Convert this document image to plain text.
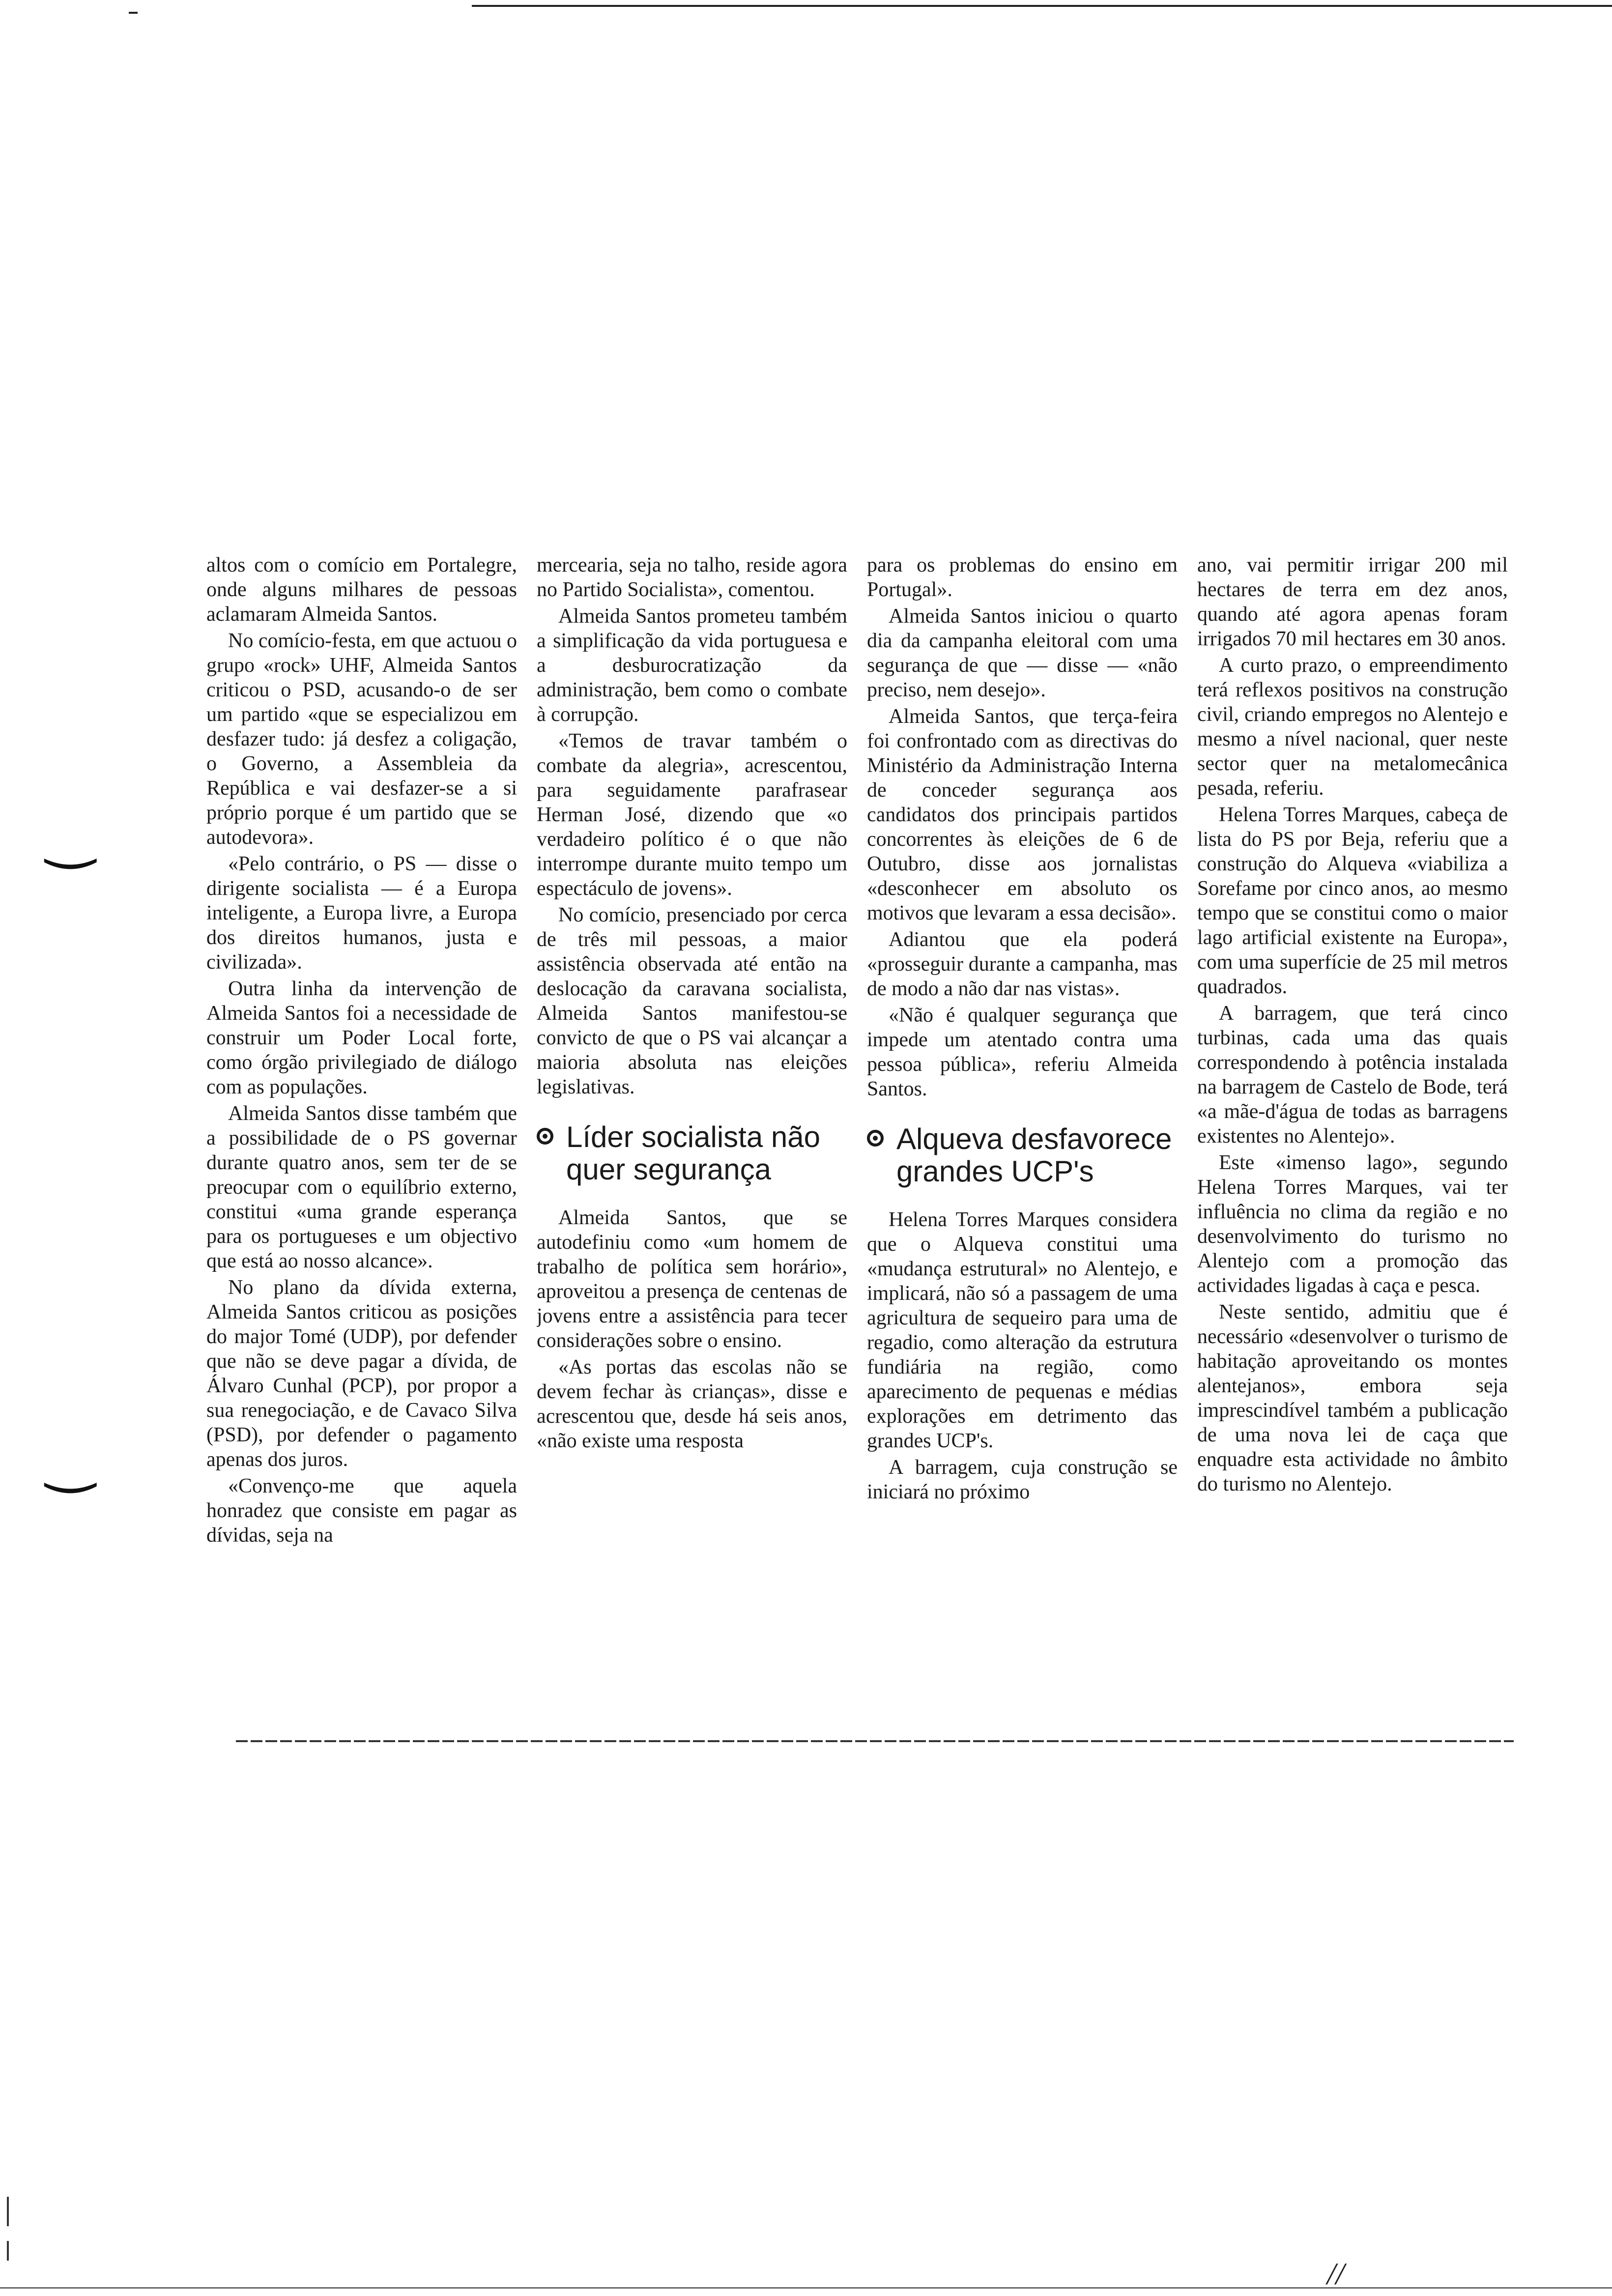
‿
‿
//

altos com o comício em Portalegre, onde alguns milhares de pessoas aclamaram Almeida Santos.

No comício-festa, em que actuou o grupo «rock» UHF, Almeida Santos criticou o PSD, acusando-o de ser um partido «que se especializou em desfazer tudo: já desfez a coligação, o Governo, a Assembleia da República e vai desfazer-se a si próprio porque é um partido que se autodevora».

«Pelo contrário, o PS — disse o dirigente socialista — é a Europa inteligente, a Europa livre, a Europa dos direitos humanos, justa e civilizada».

Outra linha da intervenção de Almeida Santos foi a necessidade de construir um Poder Local forte, como órgão privilegiado de diálogo com as populações.

Almeida Santos disse também que a possibilidade de o PS governar durante quatro anos, sem ter de se preocupar com o equilíbrio externo, constitui «uma grande esperança para os portugueses e um objectivo que está ao nosso alcance».

No plano da dívida externa, Almeida Santos criticou as posições do major Tomé (UDP), por defender que não se deve pagar a dívida, de Álvaro Cunhal (PCP), por propor a sua renegociação, e de Cavaco Silva (PSD), por defender o pagamento apenas dos juros.

«Convenço-me que aquela honradez que consiste em pagar as dívidas, seja na

mercearia, seja no talho, reside agora no Partido Socialista», comentou.

Almeida Santos prometeu também a simplificação da vida portuguesa e a desburocratização da administração, bem como o combate à corrupção.

«Temos de travar também o combate da alegria», acrescentou, para seguidamente parafrasear Herman José, dizendo que «o verdadeiro político é o que não interrompe durante muito tempo um espectáculo de jovens».

No comício, presenciado por cerca de três mil pessoas, a maior assistência observada até então na deslocação da caravana socialista, Almeida Santos manifestou-se convicto de que o PS vai alcançar a maioria absoluta nas eleições legislativas.

Líder socialista não quer segurança

Almeida Santos, que se autodefiniu como «um homem de trabalho de política sem horário», aproveitou a presença de centenas de jovens entre a assistência para tecer considerações sobre o ensino.

«As portas das escolas não se devem fechar às crianças», disse e acrescentou que, desde há seis anos, «não existe uma resposta

para os problemas do ensino em Portugal».

Almeida Santos iniciou o quarto dia da campanha eleitoral com uma segurança de que — disse — «não preciso, nem desejo».

Almeida Santos, que terça-feira foi confrontado com as directivas do Ministério da Administração Interna de conceder segurança aos candidatos dos principais partidos concorrentes às eleições de 6 de Outubro, disse aos jornalistas «desconhecer em absoluto os motivos que levaram a essa decisão».

Adiantou que ela poderá «prosseguir durante a campanha, mas de modo a não dar nas vistas».

«Não é qualquer segurança que impede um atentado contra uma pessoa pública», referiu Almeida Santos.

Alqueva desfavorece grandes UCP's

Helena Torres Marques considera que o Alqueva constitui uma «mudança estrutural» no Alentejo, e implicará, não só a passagem de uma agricultura de sequeiro para uma de regadio, como alteração da estrutura fundiária na região, como aparecimento de pequenas e médias explorações em detrimento das grandes UCP's.

A barragem, cuja construção se iniciará no próximo

ano, vai permitir irrigar 200 mil hectares de terra em dez anos, quando até agora apenas foram irrigados 70 mil hectares em 30 anos.

A curto prazo, o empreendimento terá reflexos positivos na construção civil, criando empregos no Alentejo e mesmo a nível nacional, quer neste sector quer na metalomecânica pesada, referiu.

Helena Torres Marques, cabeça de lista do PS por Beja, referiu que a construção do Alqueva «viabiliza a Sorefame por cinco anos, ao mesmo tempo que se constitui como o maior lago artificial existente na Europa», com uma superfície de 25 mil metros quadrados.

A barragem, que terá cinco turbinas, cada uma das quais correspondendo à potência instalada na barragem de Castelo de Bode, terá «a mãe-d'água de todas as barragens existentes no Alentejo».

Este «imenso lago», segundo Helena Torres Marques, vai ter influência no clima da região e no desenvolvimento do turismo no Alentejo com a promoção das actividades ligadas à caça e pesca.

Neste sentido, admitiu que é necessário «desenvolver o turismo de habitação aproveitando os montes alentejanos», embora seja imprescindível também a publicação de uma nova lei de caça que enquadre esta actividade no âmbito do turismo no Alentejo.
